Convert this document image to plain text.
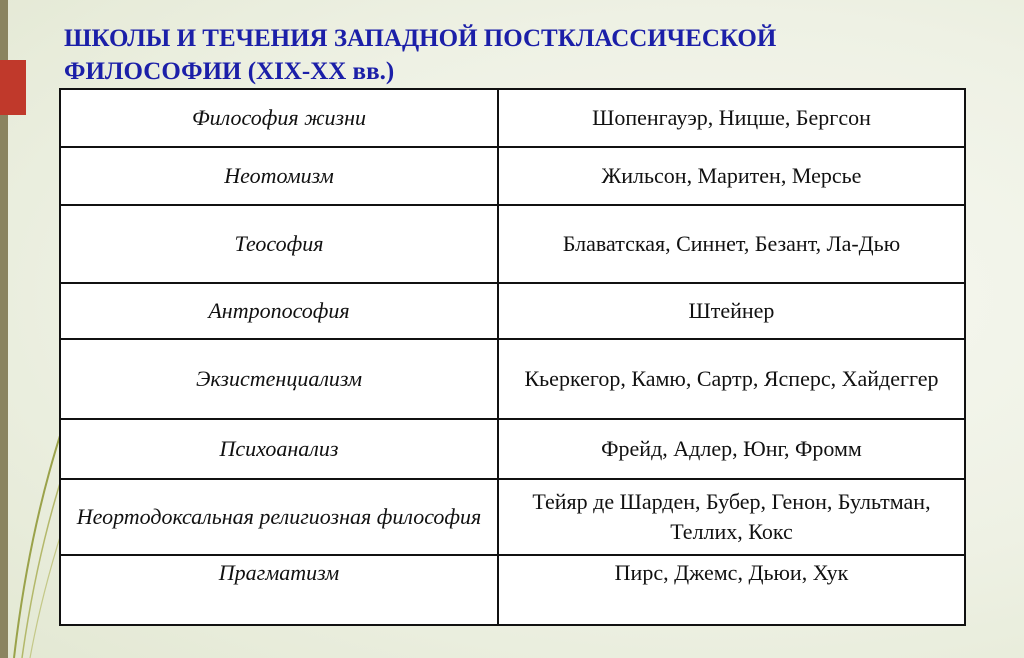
ШКОЛЫ И ТЕЧЕНИЯ ЗАПАДНОЙ ПОСТКЛАССИЧЕСКОЙ
ФИЛОСОФИИ (XIX-XX вв.)
Философия жизни	Шопенгауэр, Ницше, Бергсон
Неотомизм	Жильсон, Маритен, Мерсье
Теософия	Блаватская, Синнет, Безант, Ла-Дью
Антропософия	Штейнер
Экзистенциализм	Кьеркегор, Камю, Сартр, Ясперс, Хайдеггер
Психоанализ	Фрейд, Адлер, Юнг, Фромм
Неортодоксальная религиозная философия	Тейяр де Шарден, Бубер, Генон, Бультман, Теллих, Кокс
Прагматизм	Пирс, Джемс, Дьюи, Хук
